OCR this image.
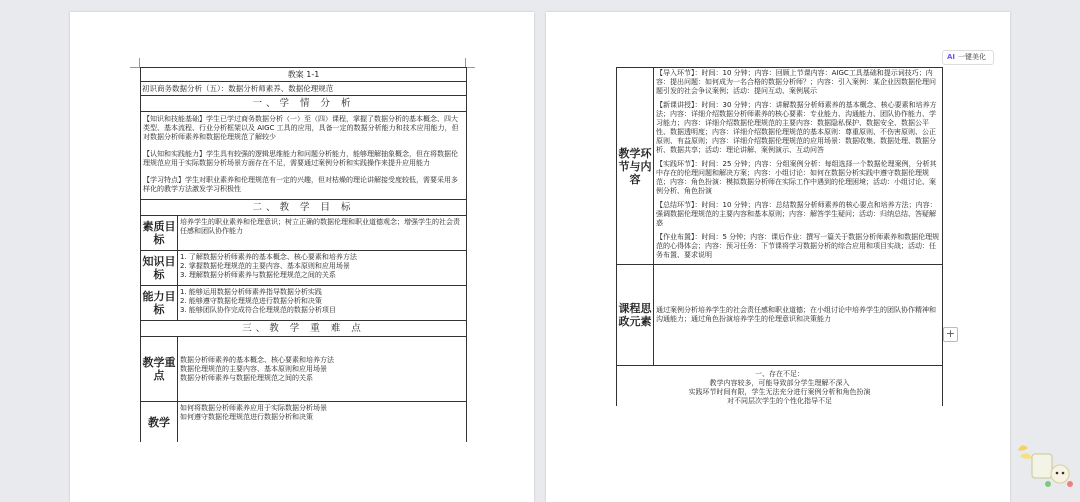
教案 1-1
初识商务数据分析（五）：数据分析师素养、数据伦理规范
一、学 情 分 析
【知识和技能基础】学生已学过商务数据分析（一）至（四）课程，掌握了数据分析的基本概念、四大类型、基本流程、行业分析框架以及 AIGC 工具的应用，具备一定的数据分析能力和技术应用能力，但对数据分析师素养和数据伦理规范了解较少
【认知和实践能力】学生具有较强的逻辑思维能力和问题分析能力，能够理解抽象概念，但在将数据伦理规范应用于实际数据分析场景方面存在不足，需要通过案例分析和实践操作来提升应用能力
【学习特点】学生对职业素养和伦理规范有一定的兴趣，但对枯燥的理论讲解接受度较低，需要采用多样化的教学方法激发学习积极性
二、教 学 目 标
素质目标
培养学生的职业素养和伦理意识；树立正确的数据伦理和职业道德观念；增强学生的社会责任感和团队协作能力
知识目标
1. 了解数据分析师素养的基本概念、核心要素和培养方法
2. 掌握数据伦理规范的主要内容、基本原则和应用场景
3. 理解数据分析师素养与数据伦理规范之间的关系
能力目标
1. 能够运用数据分析师素养指导数据分析实践
2. 能够遵守数据伦理规范进行数据分析和决策
3. 能够团队协作完成符合伦理规范的数据分析项目
三、教 学 重 难 点
教学重点
数据分析师素养的基本概念、核心要素和培养方法
数据伦理规范的主要内容、基本原则和应用场景
数据分析师素养与数据伦理规范之间的关系
教学
如何将数据分析师素养应用于实际数据分析场景
如何遵守数据伦理规范进行数据分析和决策
教学环节与内容
【导入环节】：时间：10 分钟；内容：回顾上节课内容：AIGC工具基础和提示词技巧；内容：提出问题：如何成为一名合格的数据分析师？；内容：引入案例：某企业因数据伦理问题引发的社会争议案例；活动：提问互动、案例展示
【新课讲授】：时间：30 分钟；内容：讲解数据分析师素养的基本概念、核心要素和培养方法；内容：详细介绍数据分析师素养的核心要素：专业能力、沟通能力、团队协作能力、学习能力；内容：详细介绍数据伦理规范的主要内容：数据隐私保护、数据安全、数据公平性、数据透明度；内容：详细介绍数据伦理规范的基本原则：尊重原则、不伤害原则、公正原则、有益原则；内容：详细介绍数据伦理规范的应用场景：数据收集、数据处理、数据分析、数据共享；活动：理论讲解、案例演示、互动问答
【实践环节】：时间：25 分钟；内容：分组案例分析：每组选择一个数据伦理案例，分析其中存在的伦理问题和解决方案；内容：小组讨论：如何在数据分析实践中遵守数据伦理规范；内容：角色扮演：模拟数据分析师在实际工作中遇到的伦理困境；活动：小组讨论、案例分析、角色扮演
【总结环节】：时间：10 分钟；内容：总结数据分析师素养的核心要点和培养方法；内容：强调数据伦理规范的主要内容和基本原则；内容：解答学生疑问；活动：归纳总结、答疑解惑
【作业布置】：时间：5 分钟；内容：课后作业：撰写一篇关于数据分析师素养和数据伦理规范的心得体会；内容：预习任务：下节课将学习数据分析的综合应用和项目实战；活动：任务布置、要求说明
课程思政元素
通过案例分析培养学生的社会责任感和职业道德；在小组讨论中培养学生的团队协作精神和沟通能力；通过角色扮演培养学生的伦理意识和决策能力
一、存在不足：
教学内容较多，可能导致部分学生理解不深入
实践环节时间有限，学生无法充分进行案例分析和角色扮演
对不同层次学生的个性化指导不足
AI 一键美化
+
